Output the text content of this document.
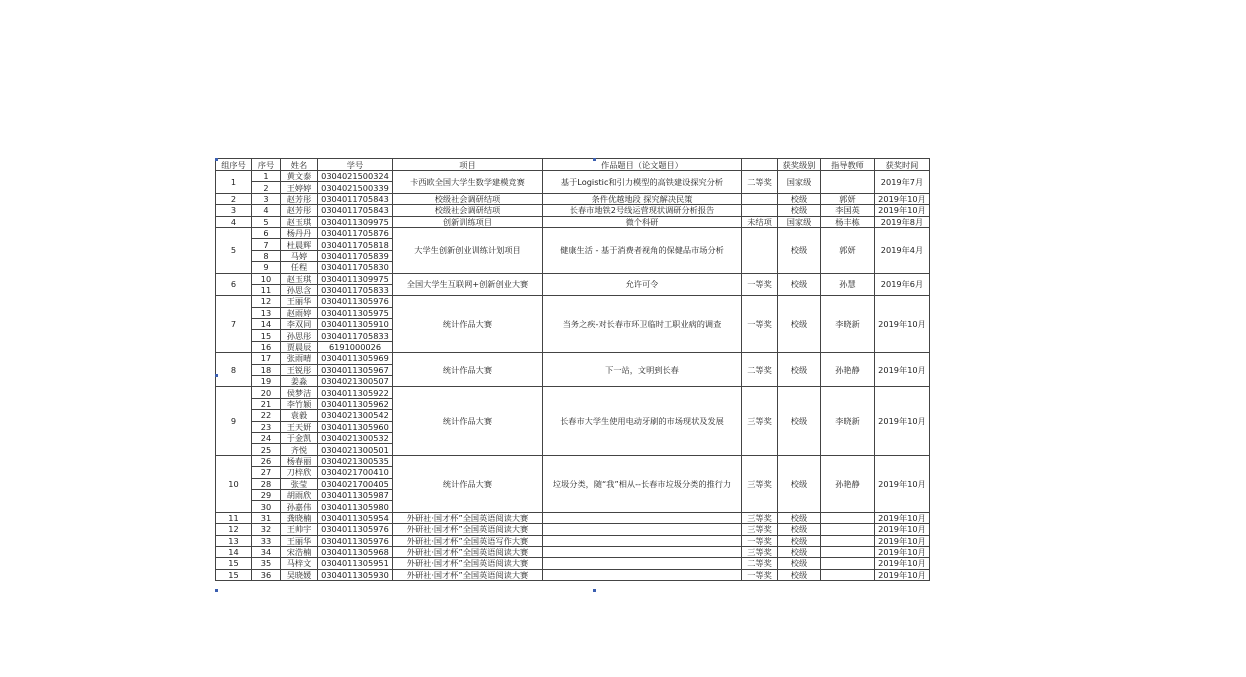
组序号	序号	姓名	学号	项目	作品题目（论文题目）		获奖级别	指导教师	获奖时间
1	1	黄文泰	0304021500324	卡西欧全国大学生数学建模竞赛	基于Logistic和引力模型的高铁建设探究分析	二等奖	国家级		2019年7月
	2	王婷婷	0304021500339						
2	3	赵芳彤	0304011705843	校级社会调研结项	条件优越地段 探究解决民策		校级	郭妍	2019年10月
3	4	赵芳彤	0304011705843	校级社会调研结项	长春市地铁2号线运营现状调研分析报告		校级	李国英	2019年10月
4	5	赵玉琪	0304011309975	创新训练项目	微个科研	未结项	国家级	杨丰栋	2019年8月
5	6	杨丹丹	0304011705876	大学生创新创业训练计划项目	健康生活 - 基于消费者视角的保健品市场分析		校级	郭妍	2019年4月
	7	杜晨辉	0304011705818						
	8	马婷	0304011705839						
	9	任程	0304011705830						
6	10	赵玉琪	0304011309975	全国大学生互联网+创新创业大赛	允许可令	一等奖	校级	孙慧	2019年6月
	11	孙思含	0304011705833						
7	12	王丽华	0304011305976	统计作品大赛	当务之疾-对长春市环卫临时工职业病的调查	一等奖	校级	李晓新	2019年10月
	13	赵雨婷	0304011305975						
	14	李双同	0304011305910						
	15	孙思彤	0304011705833						
	16	贾晨辰	6191000026						
8	17	张雨晴	0304011305969	统计作品大赛	下一站，文明到长春	二等奖	校级	孙艳静	2019年10月
	18	王锐彤	0304011305967						
	19	姜淼	0304021300507						
9	20	侯梦洁	0304011305922	统计作品大赛	长春市大学生使用电动牙刷的市场现状及发展	三等奖	校级	李晓新	2019年10月
	21	李竹颖	0304011305962						
	22	袁毅	0304021300542						
	23	王天妍	0304011305960						
	24	于金凯	0304021300532						
	25	齐悦	0304021300501						
10	26	杨春丽	0304021300535	统计作品大赛	垃圾分类，随“我”相从--长春市垃圾分类的推行力	三等奖	校级	孙艳静	2019年10月
	27	刀梓欣	0304021700410						
	28	张莹	0304021700405						
	29	胡雨欣	0304011305987						
	30	孙嘉伟	0304011305980						
11	31	龚晓楠	0304011305954	外研社·国才杯”全国英语阅读大赛		三等奖	校级		2019年10月
12	32	王帅宇	0304011305976	外研社·国才杯”全国英语阅读大赛		三等奖	校级		2019年10月
13	33	王丽华	0304011305976	外研社·国才杯”全国英语写作大赛		一等奖	校级		2019年10月
14	34	宋浩楠	0304011305968	外研社·国才杯”全国英语阅读大赛		三等奖	校级		2019年10月
15	35	马梓文	0304011305951	外研社·国才杯”全国英语阅读大赛		二等奖	校级		2019年10月
15	36	吴晓媛	0304011305930	外研社·国才杯”全国英语阅读大赛		一等奖	校级		2019年10月
